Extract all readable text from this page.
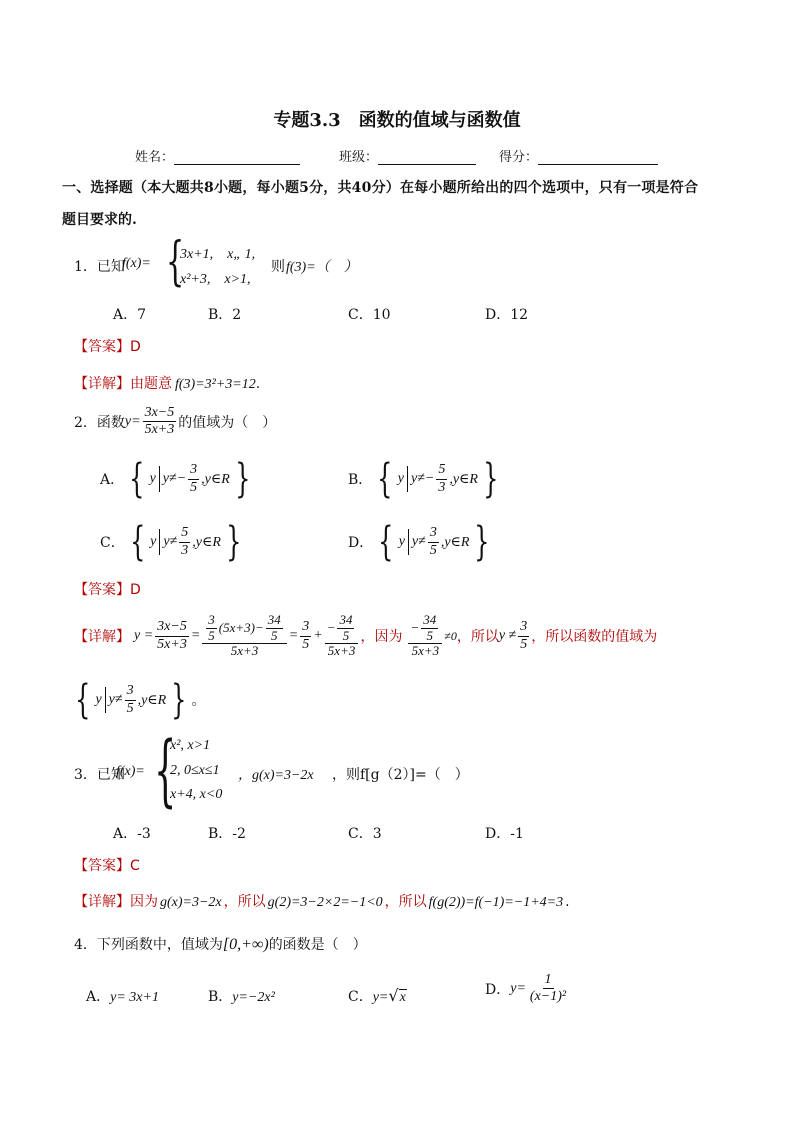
专题3.3　函数的值域与函数值
姓名：	班级：	得分：
一、选择题（本大题共8小题，每小题5分，共40分）在每小题所给出的四个选项中，只有一项是符合
题目要求的.
1．已知
f(x)= {
3x+1,　x„ 1,
x²+3,　x>1,
则 f(3)=（　）
A．7	B．2	C．10	D．12
【答案】D
【详解】由题意 f(3)=3²+3=12.
2．函数 $y= \frac{3x-5}{5x+3}$ 的值域为（　）
A． { y $y \ne- \frac{3}{5}$ ,y∈R }	B． { y $y \ne- \frac{5}{3}$ ,y∈R }
C． { y $y \ne \frac{5}{3}$ ,y∈R }	D． { y $y \ne \frac{3}{5}$ ,y∈R }
【答案】D
【详解】 $y = \frac{3x-5}{5x+3} = \frac{\frac{3}{5} (5x+3)- \frac{34}{5}}{5x+3} = \frac{3}{5} + \frac{- \frac{34}{5}}{5x+3}$ ，因为 $\frac{- \frac{34}{5}}{5x+3} \ne 0$ ，所以 $y \ne \frac{3}{5}$ ，所以函数的值域为
{ y $y \ne \frac{3}{5}$ ,y∈R } 。
3．已知
f(x)= {
x², x>1
2, 0≤x≤1
x+4, x<0
，g(x)=3−2x ，则f[g（2）]=（　）
A．-3	B．-2	C．3	D．-1
【答案】C
【详解】因为 g(x)=3−2x ，所以 g(2)=3−2×2=−1<0 ，所以 f(g(2))=f(−1)=−1+4=3 .
4．下列函数中，值域为[0,+∞)的函数是（　）
A．y= 3x+1	B．y=−2x²	C．y=√x	D． $y= \frac{1}{\text{(x−1)²}}$
